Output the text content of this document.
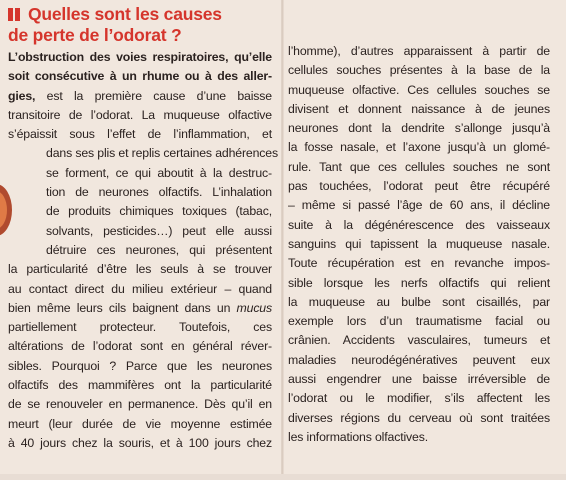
Quelles sont les causes
de perte de l’odorat ?
L’obstruction des voies respiratoires, qu’elle
soit consécutive à un rhume ou à des aller-
gies, est la première cause d’une baisse
transitoire de l’odorat. La muqueuse olfactive
s’épaissit sous l’effet de l’inflammation, et
dans ses plis et replis certaines adhérences
se forment, ce qui aboutit à la destruc-
tion de neurones olfactifs. L’inhalation
de produits chimiques toxiques (tabac,
solvants, pesticides…) peut elle aussi
détruire ces neurones, qui présentent
la particularité d’être les seuls à se trouver
au contact direct du milieu extérieur – quand
bien même leurs cils baignent dans un mucus
partiellement protecteur. Toutefois, ces
altérations de l’odorat sont en général réver-
sibles. Pourquoi ? Parce que les neurones
olfactifs des mammifères ont la particularité
de se renouveler en permanence. Dès qu’il en
meurt (leur durée de vie moyenne estimée
à 40 jours chez la souris, et à 100 jours chez
l’homme), d’autres apparaissent à partir de
cellules souches présentes à la base de la
muqueuse olfactive. Ces cellules souches se
divisent et donnent naissance à de jeunes
neurones dont la dendrite s’allonge jusqu’à
la fosse nasale, et l’axone jusqu’à un glomé-
rule. Tant que ces cellules souches ne sont
pas touchées, l’odorat peut être récupéré
– même si passé l’âge de 60 ans, il décline
suite à la dégénérescence des vaisseaux
sanguins qui tapissent la muqueuse nasale.
Toute récupération est en revanche impos-
sible lorsque les nerfs olfactifs qui relient
la muqueuse au bulbe sont cisaillés, par
exemple lors d’un traumatisme facial ou
crânien. Accidents vasculaires, tumeurs et
maladies neurodégénératives peuvent eux
aussi engendrer une baisse irréversible de
l’odorat ou le modifier, s’ils affectent les
diverses régions du cerveau où sont traitées
les informations olfactives.
